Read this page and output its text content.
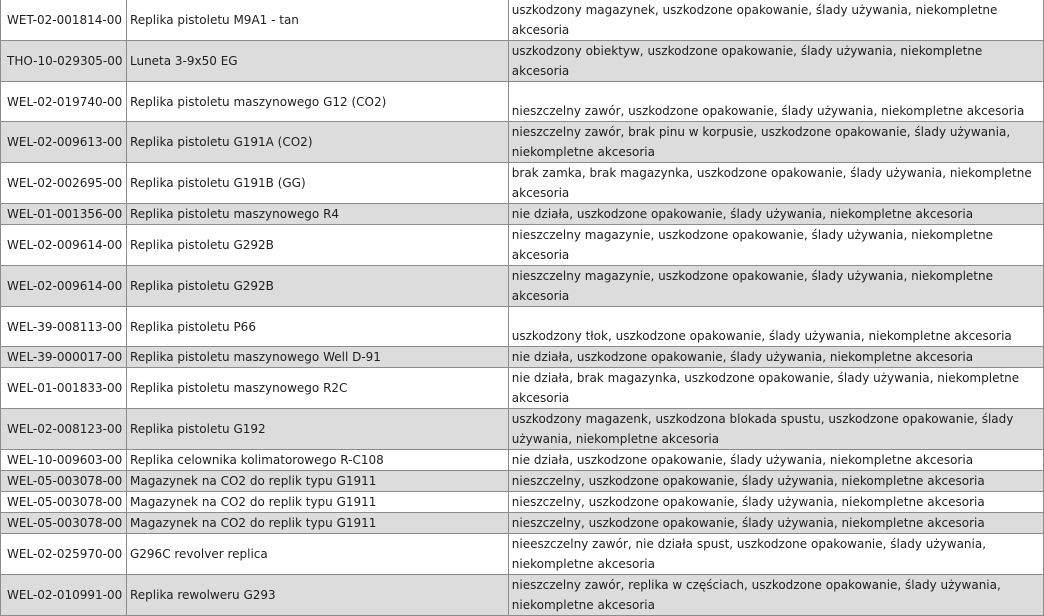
WET-02-001814-00	Replika pistoletu M9A1 - tan	uszkodzony magazynek, uszkodzone opakowanie, ślady używania, niekompletne akcesoria

THO-10-029305-00	Luneta 3-9x50 EG	uszkodzony obiektyw, uszkodzone opakowanie, ślady używania, niekompletne akcesoria

WEL-02-019740-00	Replika pistoletu maszynowego G12 (CO2)	nieszczelny zawór, uszkodzone opakowanie, ślady używania, niekompletne akcesoria

WEL-02-009613-00	Replika pistoletu G191A (CO2)	nieszczelny zawór, brak pinu w korpusie, uszkodzone opakowanie, ślady używania, niekompletne akcesoria

WEL-02-002695-00	Replika pistoletu G191B (GG)	brak zamka, brak magazynka, uszkodzone opakowanie, ślady używania, niekompletne akcesoria

WEL-01-001356-00	Replika pistoletu maszynowego R4	nie działa, uszkodzone opakowanie, ślady używania, niekompletne akcesoria

WEL-02-009614-00	Replika pistoletu G292B	nieszczelny magazynie, uszkodzone opakowanie, ślady używania, niekompletne akcesoria

WEL-02-009614-00	Replika pistoletu G292B	nieszczelny magazynie, uszkodzone opakowanie, ślady używania, niekompletne akcesoria

WEL-39-008113-00	Replika pistoletu P66	uszkodzony tłok, uszkodzone opakowanie, ślady używania, niekompletne akcesoria

WEL-39-000017-00	Replika pistoletu maszynowego Well D-91	nie działa, uszkodzone opakowanie, ślady używania, niekompletne akcesoria

WEL-01-001833-00	Replika pistoletu maszynowego R2C	nie działa, brak magazynka, uszkodzone opakowanie, ślady używania, niekompletne akcesoria

WEL-02-008123-00	Replika pistoletu G192	uszkodzony magazenk, uszkodzona blokada spustu, uszkodzone opakowanie, ślady używania, niekompletne akcesoria

WEL-10-009603-00	Replika celownika kolimatorowego R-C108	nie działa, uszkodzone opakowanie, ślady używania, niekompletne akcesoria

WEL-05-003078-00	Magazynek na CO2 do replik typu G1911	nieszczelny, uszkodzone opakowanie, ślady używania, niekompletne akcesoria

WEL-05-003078-00	Magazynek na CO2 do replik typu G1911	nieszczelny, uszkodzone opakowanie, ślady używania, niekompletne akcesoria

WEL-05-003078-00	Magazynek na CO2 do replik typu G1911	nieszczelny, uszkodzone opakowanie, ślady używania, niekompletne akcesoria

WEL-02-025970-00	G296C revolver replica	nieeszczelny zawór, nie działa spust, uszkodzone opakowanie, ślady używania, niekompletne akcesoria

WEL-02-010991-00	Replika rewolweru G293	nieszczelny zawór, replika w częściach, uszkodzone opakowanie, ślady używania, niekompletne akcesoria
